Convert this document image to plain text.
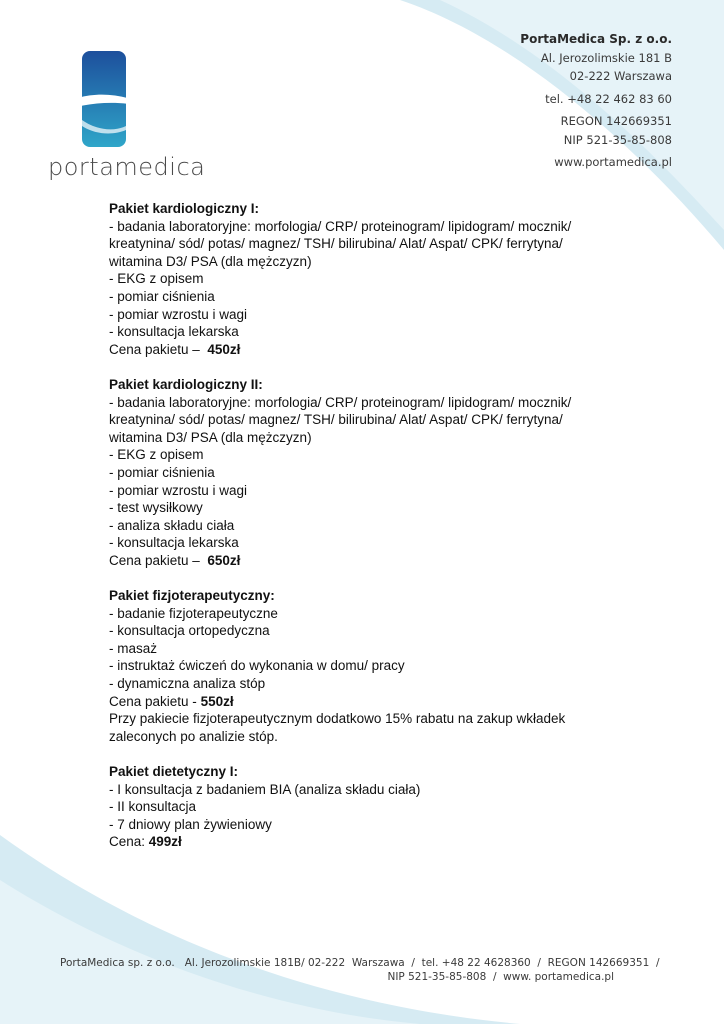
portamedica
PortaMedica Sp. z o.o.
Al. Jerozolimskie 181 B
02-222 Warszawa
tel. +48 22 462 83 60
REGON 142669351
NIP 521-35-85-808
www.portamedica.pl
Pakiet kardiologiczny I:
- badania laboratoryjne: morfologia/ CRP/ proteinogram/ lipidogram/ mocznik/
kreatynina/ sód/ potas/ magnez/ TSH/ bilirubina/ Alat/ Aspat/ CPK/ ferrytyna/
witamina D3/ PSA (dla mężczyzn)
- EKG z opisem
- pomiar ciśnienia
- pomiar wzrostu i wagi
- konsultacja lekarska
Cena pakietu –  450zł
Pakiet kardiologiczny II:
- badania laboratoryjne: morfologia/ CRP/ proteinogram/ lipidogram/ mocznik/
kreatynina/ sód/ potas/ magnez/ TSH/ bilirubina/ Alat/ Aspat/ CPK/ ferrytyna/
witamina D3/ PSA (dla mężczyzn)
- EKG z opisem
- pomiar ciśnienia
- pomiar wzrostu i wagi
- test wysiłkowy
- analiza składu ciała
- konsultacja lekarska
Cena pakietu –  650zł
Pakiet fizjoterapeutyczny:
- badanie fizjoterapeutyczne
- konsultacja ortopedyczna
- masaż
- instruktaż ćwiczeń do wykonania w domu/ pracy
- dynamiczna analiza stóp
Cena pakietu - 550zł
Przy pakiecie fizjoterapeutycznym dodatkowo 15% rabatu na zakup wkładek
zaleconych po analizie stóp.
Pakiet dietetyczny I:
- I konsultacja z badaniem BIA (analiza składu ciała)
- II konsultacja
- 7 dniowy plan żywieniowy
Cena: 499zł
PortaMedica sp. z o.o.   Al. Jerozolimskie 181B/ 02-222  Warszawa  /  tel. +48 22 4628360  /  REGON 142669351  /
NIP 521-35-85-808  /  www. portamedica.pl
